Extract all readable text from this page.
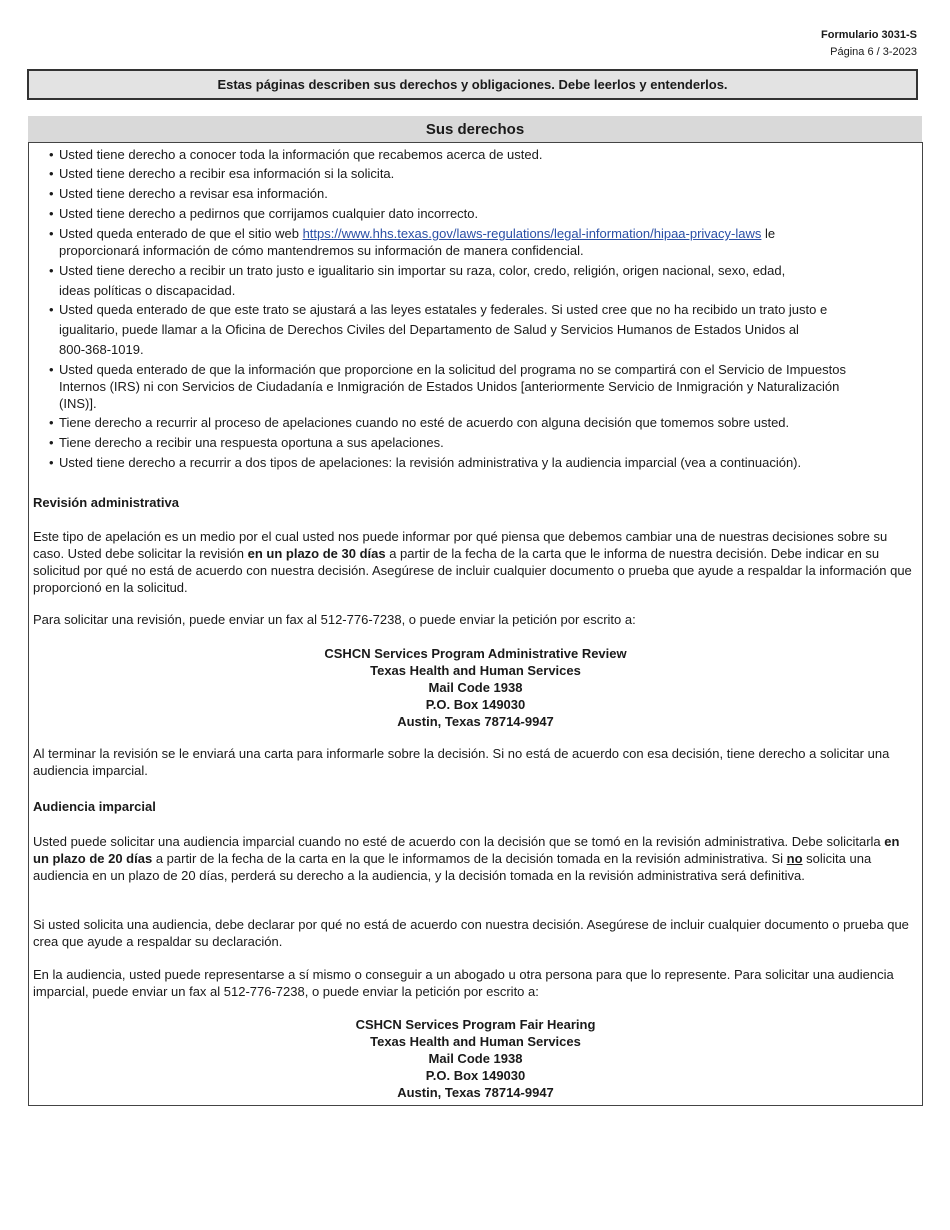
Formulario 3031-S
Página 6 / 3-2023
Estas páginas describen sus derechos y obligaciones. Debe leerlos y entenderlos.
Sus derechos
• Usted tiene derecho a conocer toda la información que recabemos acerca de usted.
• Usted tiene derecho a recibir esa información si la solicita.
• Usted tiene derecho a revisar esa información.
• Usted tiene derecho a pedirnos que corrijamos cualquier dato incorrecto.
• Usted queda enterado de que el sitio web https://www.hhs.texas.gov/laws-regulations/legal-information/hipaa-privacy-laws le
proporcionará información de cómo mantendremos su información de manera confidencial.
• Usted tiene derecho a recibir un trato justo e igualitario sin importar su raza, color, credo, religión, origen nacional, sexo, edad,
ideas políticas o discapacidad.
• Usted queda enterado de que este trato se ajustará a las leyes estatales y federales. Si usted cree que no ha recibido un trato justo e
igualitario, puede llamar a la Oficina de Derechos Civiles del Departamento de Salud y Servicios Humanos de Estados Unidos al
800-368-1019.
• Usted queda enterado de que la información que proporcione en la solicitud del programa no se compartirá con el Servicio de Impuestos
Internos (IRS) ni con Servicios de Ciudadanía e Inmigración de Estados Unidos [anteriormente Servicio de Inmigración y Naturalización
(INS)].
• Tiene derecho a recurrir al proceso de apelaciones cuando no esté de acuerdo con alguna decisión que tomemos sobre usted.
• Tiene derecho a recibir una respuesta oportuna a sus apelaciones.
• Usted tiene derecho a recurrir a dos tipos de apelaciones: la revisión administrativa y la audiencia imparcial (vea a continuación).
Revisión administrativa
Este tipo de apelación es un medio por el cual usted nos puede informar por qué piensa que debemos cambiar una de nuestras decisiones sobre su caso. Usted debe solicitar la revisión en un plazo de 30 días a partir de la fecha de la carta que le informa de nuestra decisión. Debe indicar en su solicitud por qué no está de acuerdo con nuestra decisión. Asegúrese de incluir cualquier documento o prueba que ayude a respaldar la información que proporcionó en la solicitud.
Para solicitar una revisión, puede enviar un fax al 512-776-7238, o puede enviar la petición por escrito a:
CSHCN Services Program Administrative Review
Texas Health and Human Services
Mail Code 1938
P.O. Box 149030
Austin, Texas 78714-9947
Al terminar la revisión se le enviará una carta para informarle sobre la decisión. Si no está de acuerdo con esa decisión, tiene derecho a solicitar una audiencia imparcial.
Audiencia imparcial
Usted puede solicitar una audiencia imparcial cuando no esté de acuerdo con la decisión que se tomó en la revisión administrativa. Debe solicitarla en un plazo de 20 días a partir de la fecha de la carta en la que le informamos de la decisión tomada en la revisión administrativa. Si no solicita una audiencia en un plazo de 20 días, perderá su derecho a la audiencia, y la decisión tomada en la revisión administrativa será definitiva.
Si usted solicita una audiencia, debe declarar por qué no está de acuerdo con nuestra decisión. Asegúrese de incluir cualquier documento o prueba que crea que ayude a respaldar su declaración.
En la audiencia, usted puede representarse a sí mismo o conseguir a un abogado u otra persona para que lo represente. Para solicitar una audiencia imparcial, puede enviar un fax al 512-776-7238, o puede enviar la petición por escrito a:
CSHCN Services Program Fair Hearing
Texas Health and Human Services
Mail Code 1938
P.O. Box 149030
Austin, Texas 78714-9947
